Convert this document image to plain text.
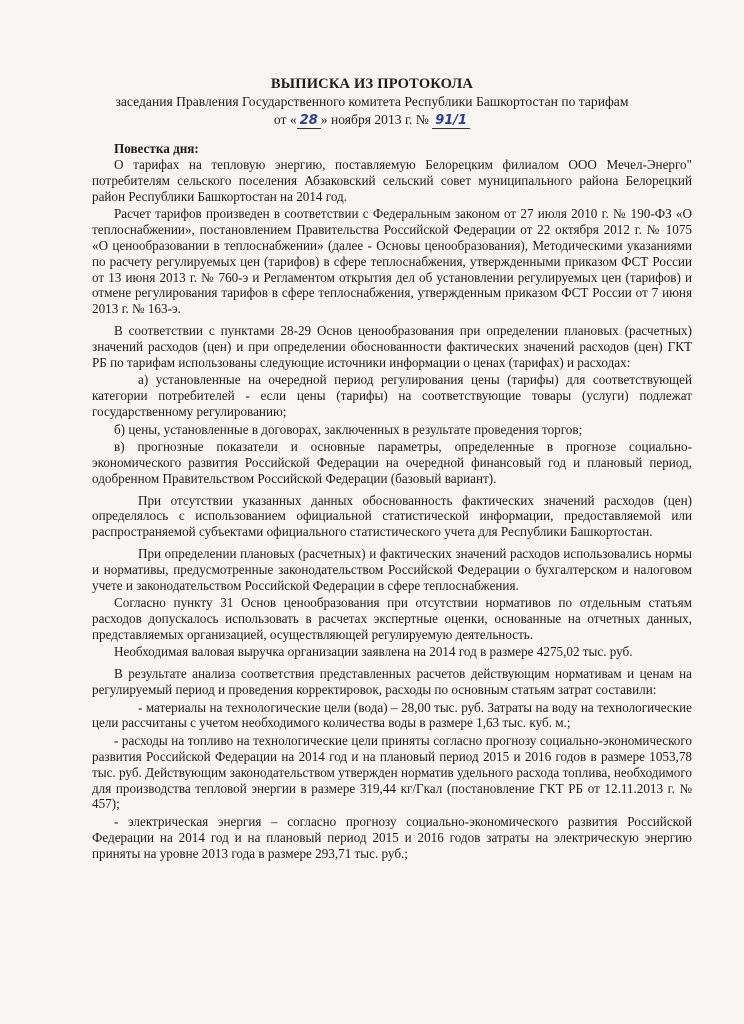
ВЫПИСКА ИЗ ПРОТОКОЛА
заседания Правления Государственного комитета Республики Башкортостан по тарифам
от « 28 » ноября 2013 г. № 91/1
Повестка дня:

О тарифах на тепловую энергию, поставляемую Белорецким филиалом ООО Мечел-Энерго" потребителям сельского поселения Абзаковский сельский совет муниципального района Белорецкий район Республики Башкортостан на 2014 год.

Расчет тарифов произведен в соответствии с Федеральным законом от 27 июля 2010 г. № 190-ФЗ «О теплоснабжении», постановлением Правительства Российской Федерации от 22 октября 2012 г. № 1075 «О ценообразовании в теплоснабжении» (далее - Основы ценообразования), Методическими указаниями по расчету регулируемых цен (тарифов) в сфере теплоснабжения, утвержденными приказом ФСТ России от 13 июня 2013 г. № 760-э и Регламентом открытия дел об установлении регулируемых цен (тарифов) и отмене регулирования тарифов в сфере теплоснабжения, утвержденным приказом ФСТ России от 7 июня 2013 г. № 163-э.

В соответствии с пунктами 28-29 Основ ценообразования при определении плановых (расчетных) значений расходов (цен) и при определении обоснованности фактических значений расходов (цен) ГКТ РБ по тарифам использованы следующие источники информации о ценах (тарифах) и расходах:

а) установленные на очередной период регулирования цены (тарифы) для соответствующей категории потребителей - если цены (тарифы) на соответствующие товары (услуги) подлежат государственному регулированию;

б) цены, установленные в договорах, заключенных в результате проведения торгов;

в) прогнозные показатели и основные параметры, определенные в прогнозе социально-экономического развития Российской Федерации на очередной финансовый год и плановый период, одобренном Правительством Российской Федерации (базовый вариант).

При отсутствии указанных данных обоснованность фактических значений расходов (цен) определялось с использованием официальной статистической информации, предоставляемой или распространяемой субъектами официального статистического учета для Республики Башкортостан.

При определении плановых (расчетных) и фактических значений расходов использовались нормы и нормативы, предусмотренные законодательством Российской Федерации о бухгалтерском и налоговом учете и законодательством Российской Федерации в сфере теплоснабжения.

Согласно пункту 31 Основ ценообразования при отсутствии нормативов по отдельным статьям расходов допускалось использовать в расчетах экспертные оценки, основанные на отчетных данных, представляемых организацией, осуществляющей регулируемую деятельность.

Необходимая валовая выручка организации заявлена на 2014 год в размере 4275,02 тыс. руб.

В результате анализа соответствия представленных расчетов действующим нормативам и ценам на регулируемый период и проведения корректировок, расходы по основным статьям затрат составили:

- материалы на технологические цели (вода) – 28,00 тыс. руб. Затраты на воду на технологические цели рассчитаны с учетом необходимого количества воды в размере 1,63 тыс. куб. м.;

- расходы на топливо на технологические цели приняты согласно прогнозу социально-экономического развития Российской Федерации на 2014 год и на плановый период 2015 и 2016 годов в размере 1053,78 тыс. руб. Действующим законодательством утвержден норматив удельного расхода топлива, необходимого для производства тепловой энергии в размере 319,44 кг/Гкал (постановление ГКТ РБ от 12.11.2013 г. № 457);

- электрическая энергия – согласно прогнозу социально-экономического развития Российской Федерации на 2014 год и на плановый период 2015 и 2016 годов затраты на электрическую энергию приняты на уровне 2013 года в размере 293,71 тыс. руб.;
